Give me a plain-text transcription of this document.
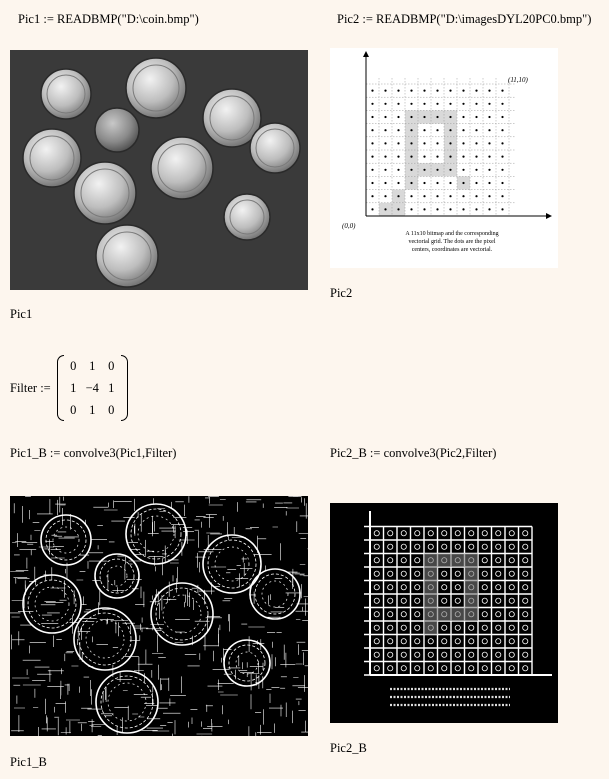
Pic1 := READBMP("D:\coin.bmp")	Pic2 := READBMP("D:\imagesDYL20PC0.bmp")
(11,10)
(0,0)
A 11x10 bitmap and the corresponding
vectorial grid. The dots are the pixel
centers, coordinates are vectorial.
Pic2
Pic1
Filter :=
0	1	0
1 −4 1
0	1	0
Pic1_B := convolve3(Pic1,Filter)	Pic2_B := convolve3(Pic2,Filter)
Pic2_B
Pic1_B
